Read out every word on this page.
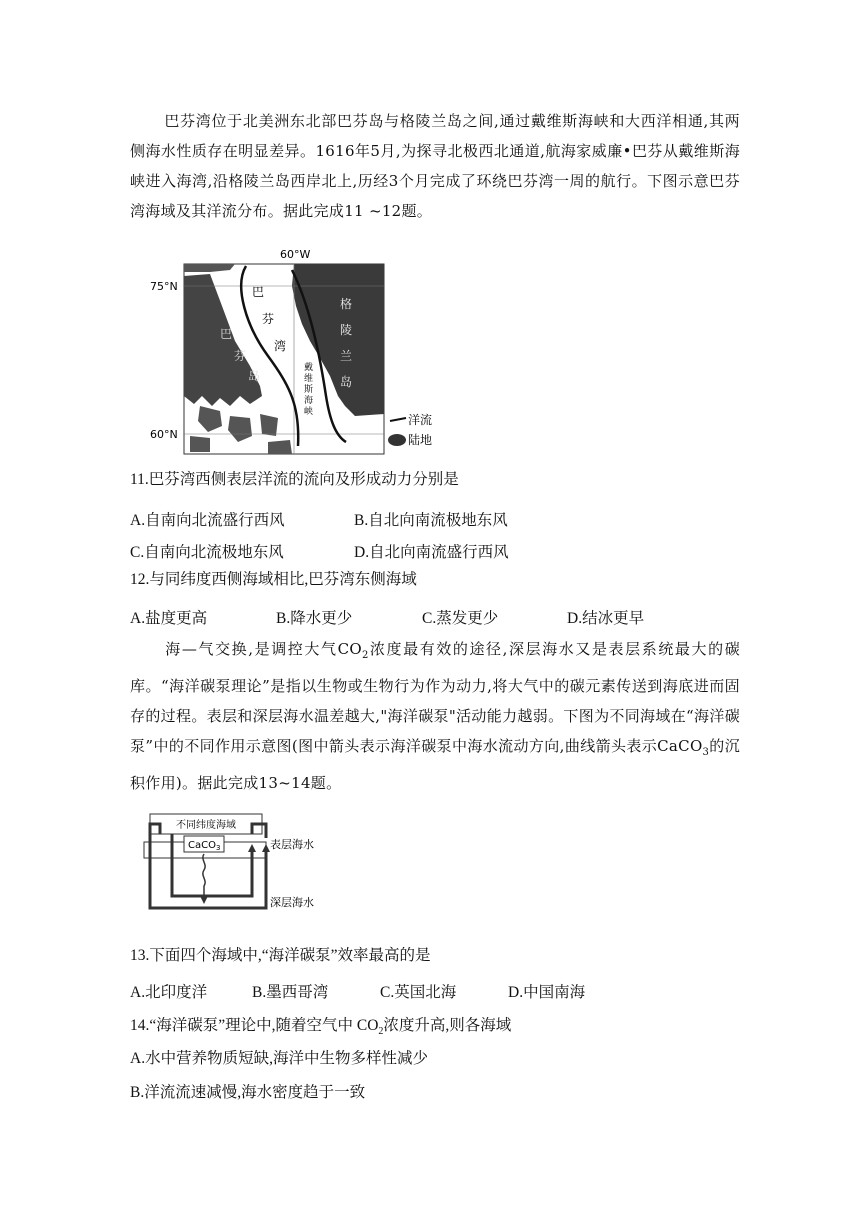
巴芬湾位于北美洲东北部巴芬岛与格陵兰岛之间,通过戴维斯海峡和大西洋相通,其两侧海水性质存在明显差异。1616年5月,为探寻北极西北通道,航海家威廉•巴芬从戴维斯海峡进入海湾,沿格陵兰岛西岸北上,历经3个月完成了环绕巴芬湾一周的航行。下图示意巴芬湾海域及其洋流分布。据此完成11 ~12题。
60°W
75°N
60°N
巴
芬
湾
巴
芬
岛
格
陵
兰
岛
戴
维
斯
海
峡
洋流
陆地
11.巴芬湾西侧表层洋流的流向及形成动力分别是
A.自南向北流盛行西风	B.自北向南流极地东风
C.自南向北流极地东风	D.自北向南流盛行西风
12.与同纬度西侧海域相比,巴芬湾东侧海域
A.盐度更高	B.降水更少	C.蒸发更少	D.结冰更早
海—气交换,是调控大气$CO_2$浓度最有效的途径,深层海水又是表层系统最大的碳库。“海洋碳泵理论”是指以生物或生物行为作为动力,将大气中的碳元素传送到海底进而固存的过程。表层和深层海水温差越大,"海洋碳泵"活动能力越弱。下图为不同海域在“海洋碳泵”中的不同作用示意图(图中箭头表示海洋碳泵中海水流动方向,曲线箭头表示CaCO$_3$的沉积作用)。据此完成13~14题。
不同纬度海域
CaCO$_3$	表层海水
深层海水
13.下面四个海域中,“海洋碳泵”效率最高的是
A.北印度洋	B.墨西哥湾	C.英国北海	D.中国南海
14.“海洋碳泵”理论中,随着空气中 $CO_2$浓度升高,则各海域
A.水中营养物质短缺,海洋中生物多样性减少
B.洋流流速减慢,海水密度趋于一致
